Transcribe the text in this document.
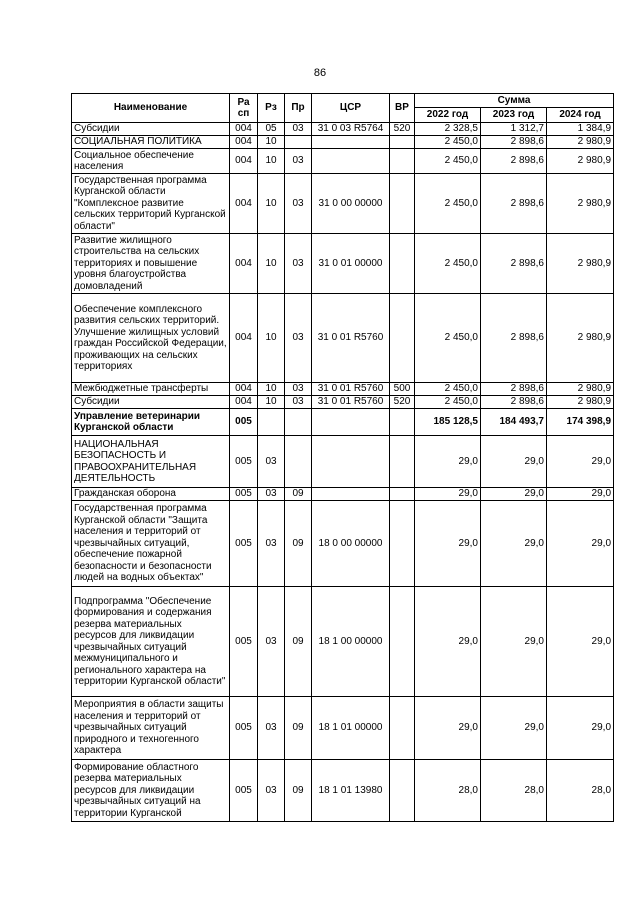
86
Наименование	Ра сп	Рз	Пр	ЦСР	ВР	Сумма		
						2022 год	2023 год	2024 год
Субсидии	004	05	03	31 0 03 R5764	520	2 328,5	1 312,7	1 384,9
СОЦИАЛЬНАЯ ПОЛИТИКА	004	10				2 450,0	2 898,6	2 980,9
Социальное обеспечение населения	004	10	03			2 450,0	2 898,6	2 980,9
Государственная программа Курганской области "Комплексное развитие сельских территорий Курганской области"	004	10	03	31 0 00 00000		2 450,0	2 898,6	2 980,9
Развитие жилищного строительства на сельских территориях и повышение уровня благоустройства домовладений	004	10	03	31 0 01 00000		2 450,0	2 898,6	2 980,9
Обеспечение комплексного развития сельских территорий. Улучшение жилищных условий граждан Российской Федерации, проживающих на сельских территориях	004	10	03	31 0 01 R5760		2 450,0	2 898,6	2 980,9
Межбюджетные трансферты	004	10	03	31 0 01 R5760	500	2 450,0	2 898,6	2 980,9
Субсидии	004	10	03	31 0 01 R5760	520	2 450,0	2 898,6	2 980,9
Управление ветеринарии Курганской области	005					185 128,5	184 493,7	174 398,9
НАЦИОНАЛЬНАЯ БЕЗОПАСНОСТЬ И ПРАВООХРАНИТЕЛЬНАЯ ДЕЯТЕЛЬНОСТЬ	005	03				29,0	29,0	29,0
Гражданская оборона	005	03	09			29,0	29,0	29,0
Государственная программа Курганской области "Защита населения и территорий от чрезвычайных ситуаций, обеспечение пожарной безопасности и безопасности людей на водных объектах"	005	03	09	18 0 00 00000		29,0	29,0	29,0
Подпрограмма "Обеспечение формирования и содержания резерва материальных ресурсов для ликвидации чрезвычайных ситуаций межмуниципального и регионального характера на территории Курганской области"	005	03	09	18 1 00 00000		29,0	29,0	29,0
Мероприятия в области защиты населения и территорий от чрезвычайных ситуаций природного и техногенного характера	005	03	09	18 1 01 00000		29,0	29,0	29,0
Формирование областного резерва материальных ресурсов для ликвидации чрезвычайных ситуаций на территории Курганской	005	03	09	18 1 01 13980		28,0	28,0	28,0
